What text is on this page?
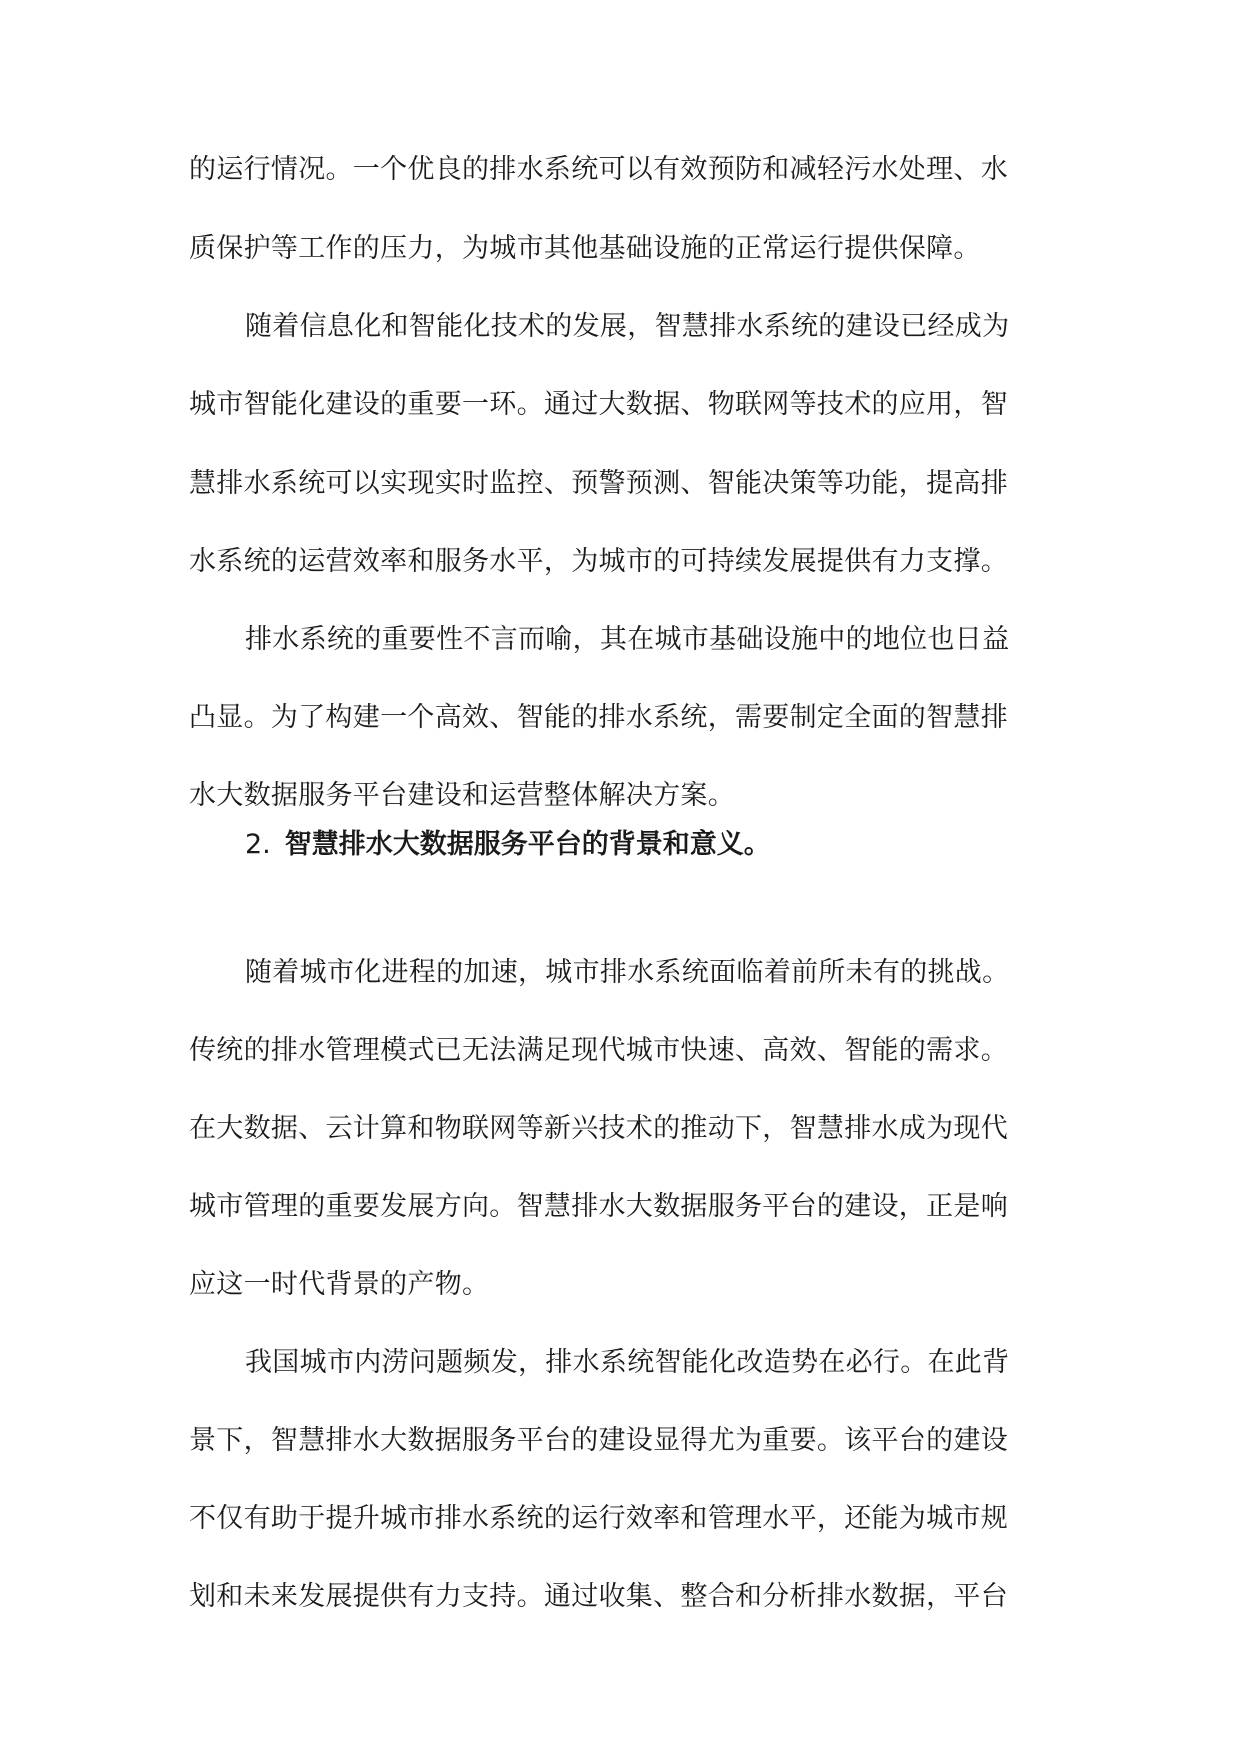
的运行情况。一个优良的排水系统可以有效预防和减轻污水处理、水

质保护等工作的压力，为城市其他基础设施的正常运行提供保障。

随着信息化和智能化技术的发展，智慧排水系统的建设已经成为

城市智能化建设的重要一环。通过大数据、物联网等技术的应用，智

慧排水系统可以实现实时监控、预警预测、智能决策等功能，提高排

水系统的运营效率和服务水平，为城市的可持续发展提供有力支撑。

排水系统的重要性不言而喻，其在城市基础设施中的地位也日益

凸显。为了构建一个高效、智能的排水系统，需要制定全面的智慧排

水大数据服务平台建设和运营整体解决方案。

2. 智慧排水大数据服务平台的背景和意义。

随着城市化进程的加速，城市排水系统面临着前所未有的挑战。

传统的排水管理模式已无法满足现代城市快速、高效、智能的需求。

在大数据、云计算和物联网等新兴技术的推动下，智慧排水成为现代

城市管理的重要发展方向。智慧排水大数据服务平台的建设，正是响

应这一时代背景的产物。

我国城市内涝问题频发，排水系统智能化改造势在必行。在此背

景下，智慧排水大数据服务平台的建设显得尤为重要。该平台的建设

不仅有助于提升城市排水系统的运行效率和管理水平，还能为城市规

划和未来发展提供有力支持。通过收集、整合和分析排水数据，平台
